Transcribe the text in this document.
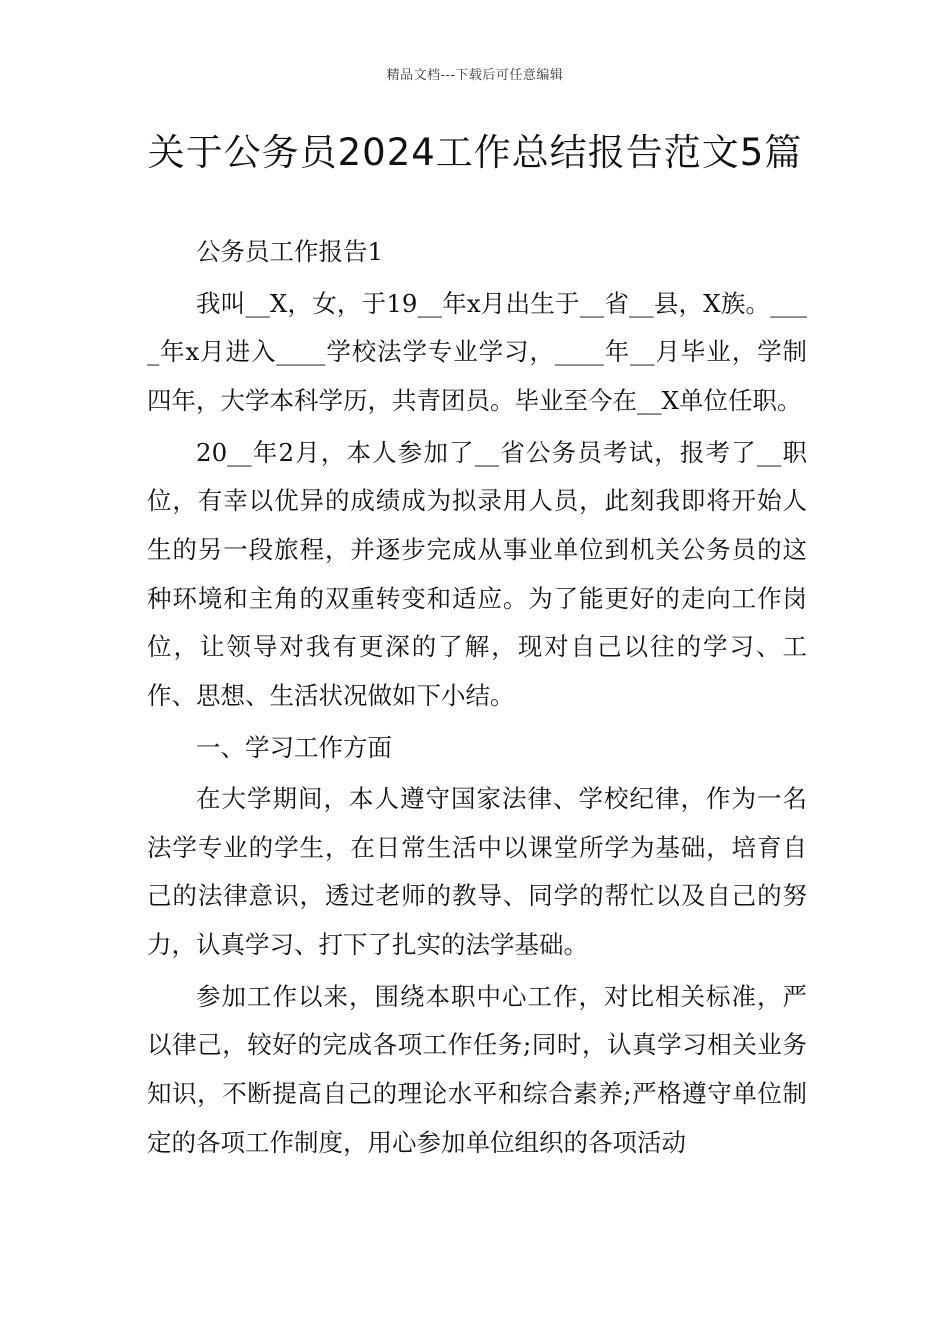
精品文档---下载后可任意编辑
关于公务员2024工作总结报告范文5篇

公务员工作报告1

我叫__X，女，于19__年x月出生于__省__县，X族。____年x月进入____学校法学专业学习，____年__月毕业，学制四年，大学本科学历，共青团员。毕业至今在__X单位任职。

20__年2月，本人参加了__省公务员考试，报考了__职位，有幸以优异的成绩成为拟录用人员，此刻我即将开始人生的另一段旅程，并逐步完成从事业单位到机关公务员的这种环境和主角的双重转变和适应。为了能更好的走向工作岗位，让领导对我有更深的了解，现对自己以往的学习、工作、思想、生活状况做如下小结。

一、学习工作方面

在大学期间，本人遵守国家法律、学校纪律，作为一名法学专业的学生，在日常生活中以课堂所学为基础，培育自己的法律意识，透过老师的教导、同学的帮忙以及自己的努力，认真学习、打下了扎实的法学基础。

参加工作以来，围绕本职中心工作，对比相关标准，严以律己，较好的完成各项工作任务;同时，认真学习相关业务知识，不断提高自己的理论水平和综合素养;严格遵守单位制定的各项工作制度，用心参加单位组织的各项活动
